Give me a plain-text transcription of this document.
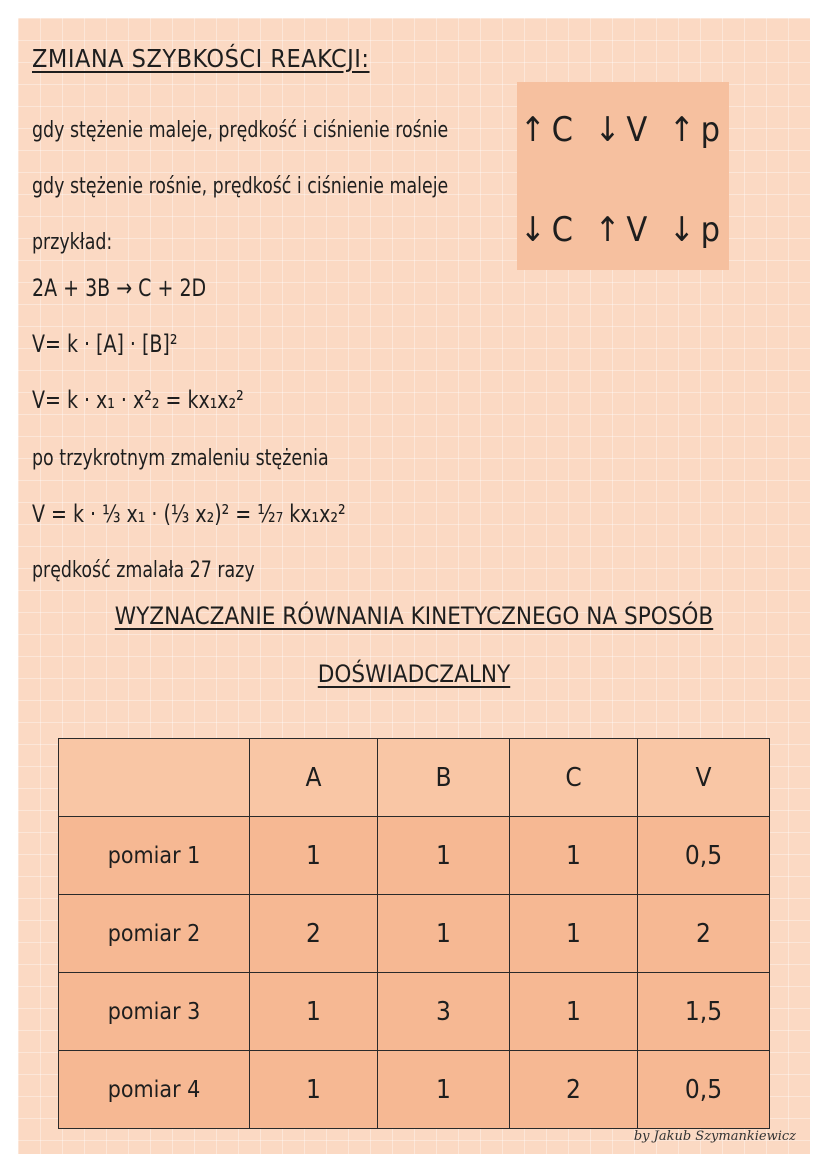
ZMIANA SZYBKOŚCI REAKCJI:
gdy stężenie maleje, prędkość i ciśnienie rośnie
gdy stężenie rośnie, prędkość i ciśnienie maleje
przykład:
2A + 3B → C + 2D
V= k · [A] · [B]²
V= k · x₁ · x²₂ = kx₁x₂²
po trzykrotnym zmaleniu stężenia
V = k · ⅓ x₁ · (⅓ x₂)² = ¹⁄₂₇ kx₁x₂²
prędkość zmalała 27 razy
↑C ↓V ↑p
↓C ↑V ↓p
WYZNACZANIE RÓWNANIA KINETYCZNEGO NA SPOSÓB
DOŚWIADCZALNY
	A	B	C	V
pomiar 1	1	1	1	0,5
pomiar 2	2	1	1	2
pomiar 3	1	3	1	1,5
pomiar 4	1	1	2	0,5
by Jakub Szymankiewicz
